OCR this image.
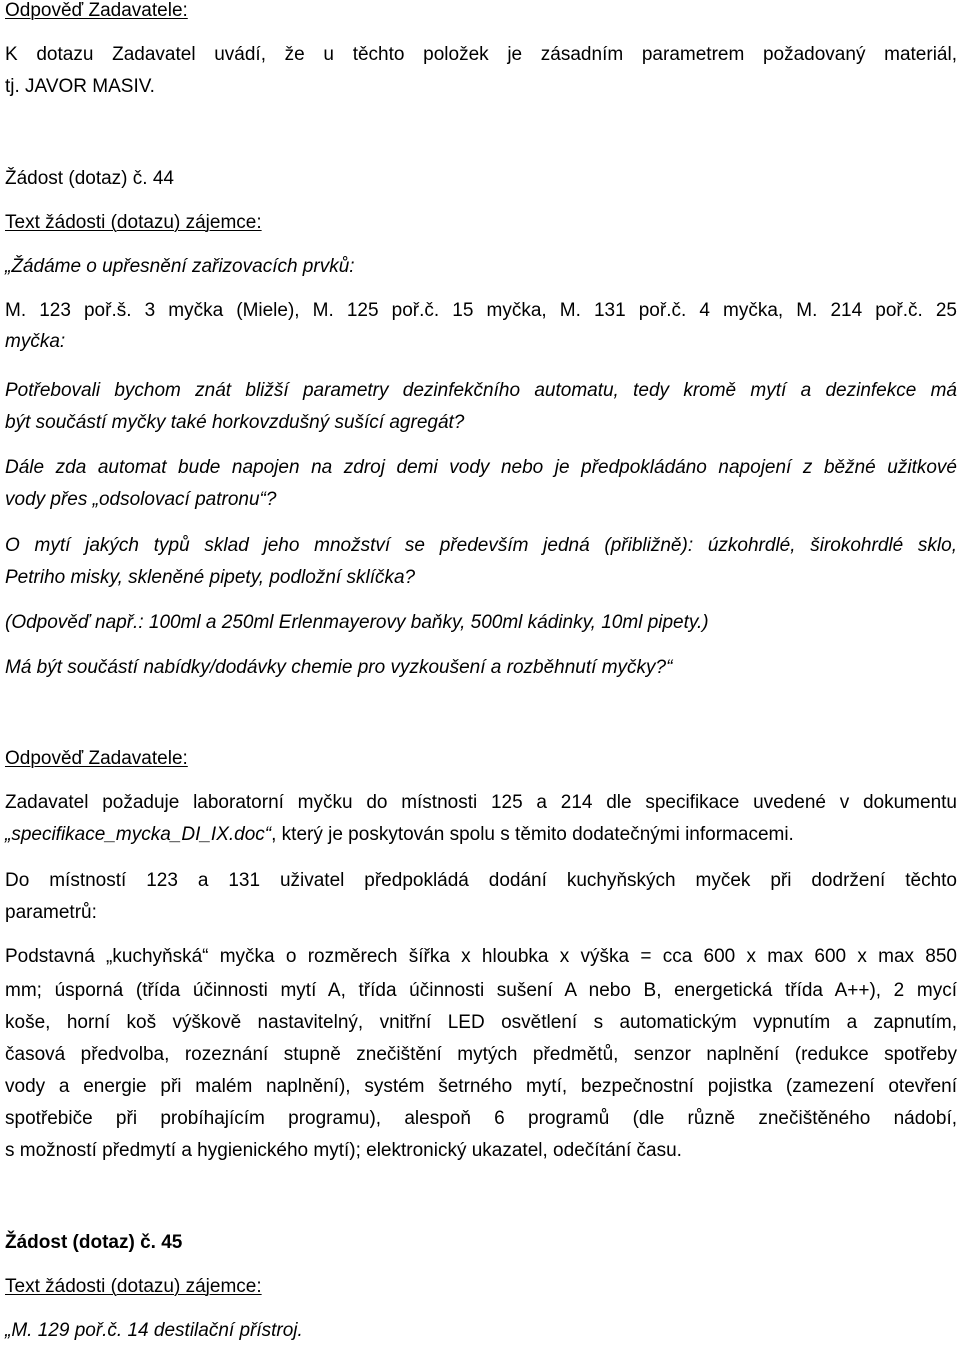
Odpověď Zadavatele:
K dotazu Zadavatel uvádí, že u těchto položek je zásadním parametrem požadovaný materiál,
tj. JAVOR MASIV.
Žádost (dotaz) č. 44
Text žádosti (dotazu) zájemce:
„Žádáme o upřesnění zařizovacích prvků:
M. 123 poř.š. 3 myčka (Miele), M. 125 poř.č. 15 myčka, M. 131 poř.č. 4 myčka, M. 214 poř.č. 25
myčka:
Potřebovali bychom znát bližší parametry dezinfekčního automatu, tedy kromě mytí a dezinfekce má
být součástí myčky také horkovzdušný sušící agregát?
Dále zda automat bude napojen na zdroj demi vody nebo je předpokládáno napojení z běžné užitkové
vody přes „odsolovací patronu“?
O mytí jakých typů sklad jeho množství se především jedná (přibližně): úzkohrdlé, širokohrdlé sklo,
Petriho misky, skleněné pipety, podložní sklíčka?
(Odpověď např.: 100ml a 250ml Erlenmayerovy baňky, 500ml kádinky, 10ml pipety.)
Má být součástí nabídky/dodávky chemie pro vyzkoušení a rozběhnutí myčky?“
Odpověď Zadavatele:
Zadavatel požaduje laboratorní myčku do místnosti 125 a 214 dle specifikace uvedené v dokumentu
„specifikace_mycka_DI_IX.doc“, který je poskytován spolu s těmito dodatečnými informacemi.
Do místností 123 a 131 uživatel předpokládá dodání kuchyňských myček při dodržení těchto
parametrů:
Podstavná „kuchyňská“ myčka o rozměrech šířka x hloubka x výška = cca 600 x max 600 x max 850
mm; úsporná (třída účinnosti mytí A, třída účinnosti sušení A nebo B, energetická třída A++), 2 mycí
koše, horní koš výškově nastavitelný, vnitřní LED osvětlení s automatickým vypnutím a zapnutím,
časová předvolba, rozeznání stupně znečištění mytých předmětů, senzor naplnění (redukce spotřeby
vody a energie při malém naplnění), systém šetrného mytí, bezpečnostní pojistka (zamezení otevření
spotřebiče při probíhajícím programu), alespoň 6 programů (dle různě znečištěného nádobí,
s možností předmytí a hygienického mytí); elektronický ukazatel, odečítání času.
Žádost (dotaz) č. 45
Text žádosti (dotazu) zájemce:
„M. 129 poř.č. 14 destilační přístroj.
